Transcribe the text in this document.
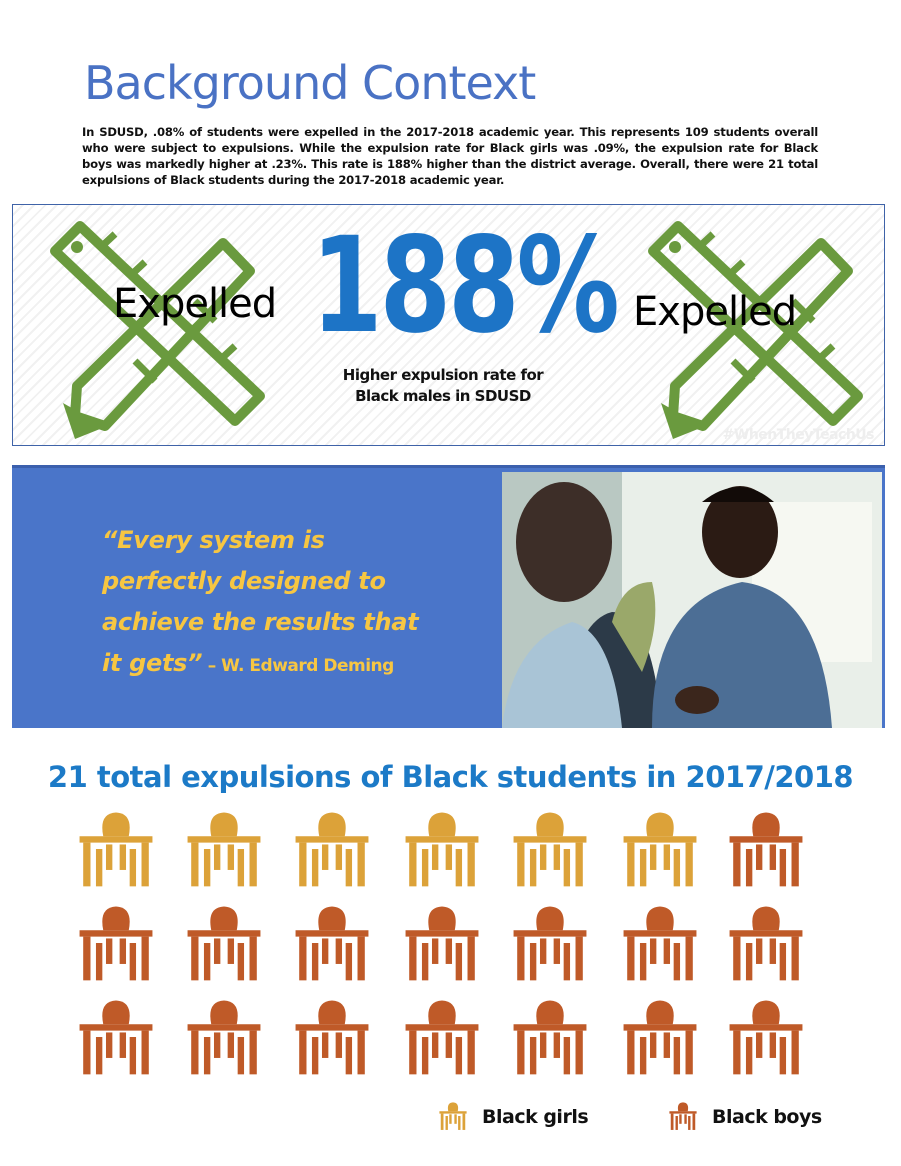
Background Context
In SDUSD, .08% of students were expelled in the 2017-2018 academic year. This represents 109 students overall who were subject to expulsions. While the expulsion rate for Black girls was .09%, the expulsion rate for Black boys was markedly higher at .23%. This rate is 188% higher than the district average. Overall, there were 21 total expulsions of Black students during the 2017-2018 academic year.
Expelled 188% Expelled
Higher expulsion rate for
Black males in SDUSD
#WhenTheyTeachUs
“Every system is perfectly designed to achieve the results that it gets” – W. Edward Deming
21 total expulsions of Black students in 2017/2018
Black girls	Black boys
